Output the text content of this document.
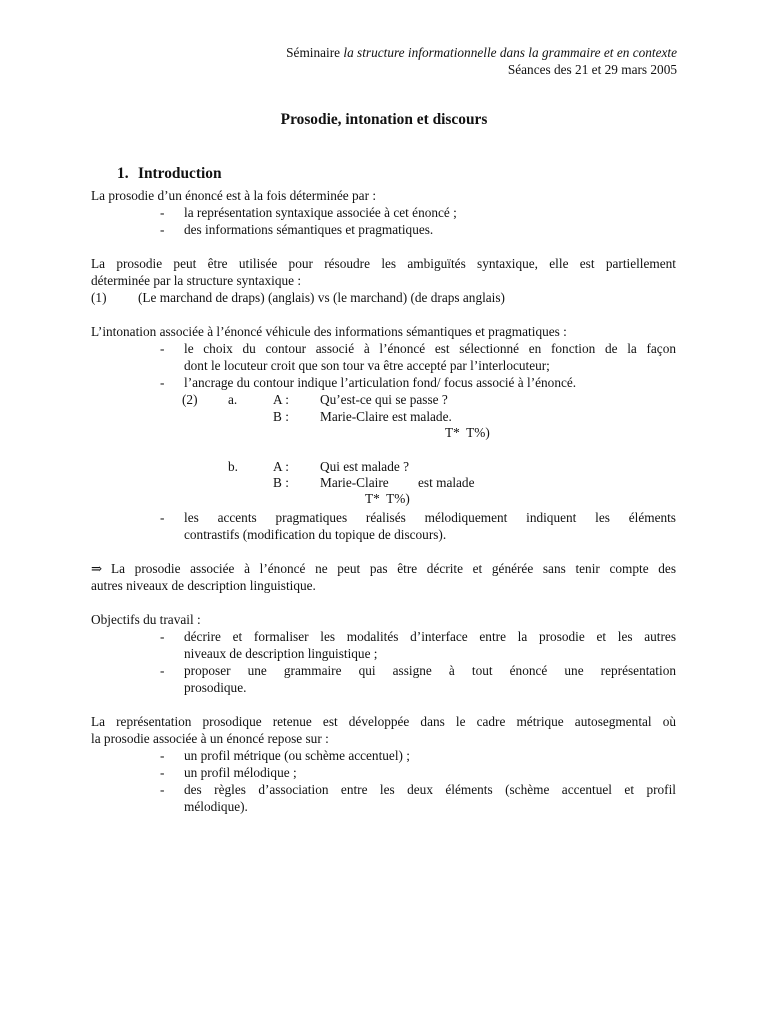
Séminaire la structure informationnelle dans la grammaire et en contexte
Séances des 21 et 29 mars 2005
Prosodie, intonation et discours
1. Introduction
La prosodie d’un énoncé est à la fois déterminée par :
- la représentation syntaxique associée à cet énoncé ;
- des informations sémantiques et pragmatiques.
La prosodie peut être utilisée pour résoudre les ambiguïtés syntaxique, elle est partiellement
déterminée par la structure syntaxique :
(1) (Le marchand de draps) (anglais) vs (le marchand) (de draps anglais)
L’intonation associée à l’énoncé véhicule des informations sémantiques et pragmatiques :
- le choix du contour associé à l’énoncé est sélectionné en fonction de la façon
dont le locuteur croit que son tour va être accepté par l’interlocuteur;
- l’ancrage du contour indique l’articulation fond/ focus associé à l’énoncé.
(2) a.	A : Qu’est-ce qui se passe ?
B : Marie-Claire est malade.
T*  T%)
b.	A : Qui est malade ?
B : Marie-Claire est malade
T*  T%)
- les accents pragmatiques réalisés mélodiquement indiquent les éléments
contrastifs (modification du topique de discours).
⇒ La prosodie associée à l’énoncé ne peut pas être décrite et générée sans tenir compte des
autres niveaux de description linguistique.
Objectifs du travail :
- décrire et formaliser les modalités d’interface entre la prosodie et les autres
niveaux de description linguistique ;
- proposer une grammaire qui assigne à tout énoncé une représentation
prosodique.
La représentation prosodique retenue est développée dans le cadre métrique autosegmental où
la prosodie associée à un énoncé repose sur :
- un profil métrique (ou schème accentuel) ;
- un profil mélodique ;
- des règles d’association entre les deux éléments (schème accentuel et profil
mélodique).
